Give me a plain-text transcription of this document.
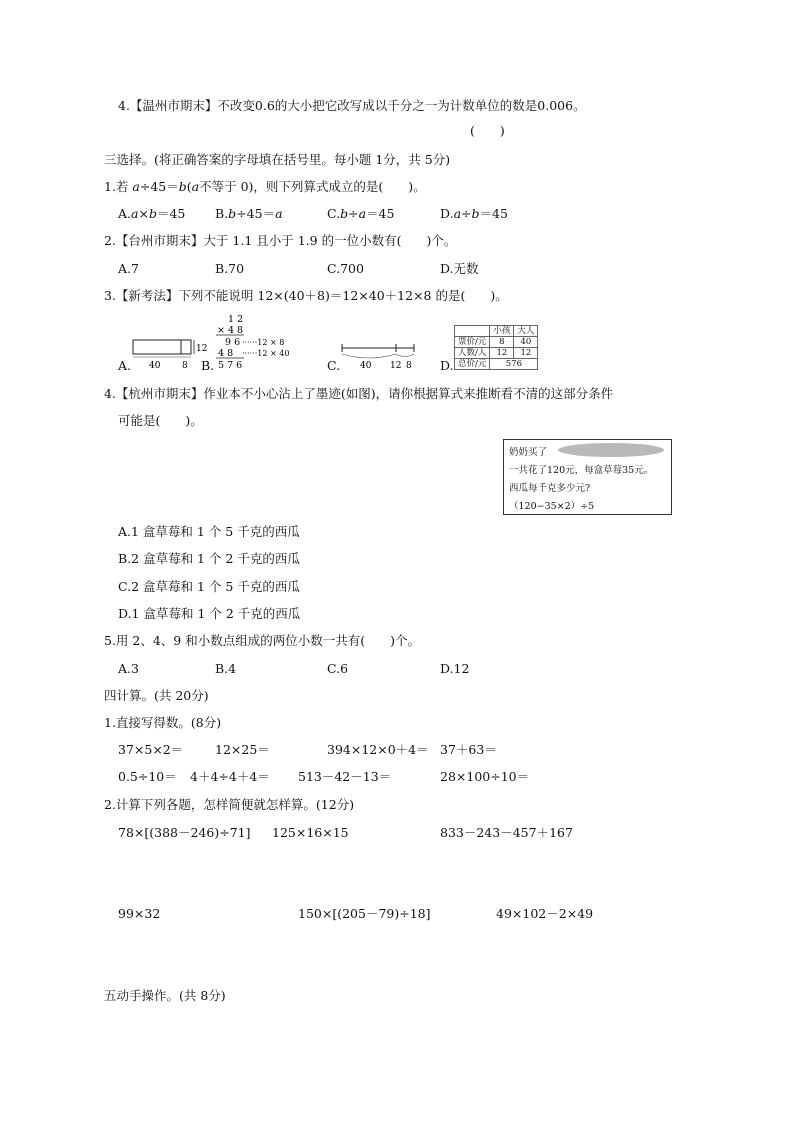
4.【温州市期末】不改变0.6的大小把它改写成以千分之一为计数单位的数是0.006。
(　　)
三选择。(将正确答案的字母填在括号里。每小题 1分，共 5分)
1.若 a÷45＝b(a不等于 0)，则下列算式成立的是(　　)。
A.a×b＝45 B.b÷45＝a	C.b÷a＝45	D.a÷b＝45
2.【台州市期末】大于 1.1 且小于 1.9 的一位小数有(　　)个。
A.7	B.70	C.700	D.无数
3.【新考法】下列不能说明 12×(40＋8)＝12×40＋12×8 的是(　　)。
A.
12
40 8 B.
1 2
× 4 8
9 6 ······12 × 8
4 8 ······12 × 40
5 7 6	C. 40 12 8 D.
	小孩	大人
票价/元	8	40
人数/人	12	12
总价/元	576	
4.【杭州市期末】作业本不小心沾上了墨迹(如图)，请你根据算式来推断看不清的这部分条件
可能是(　　)。
奶奶买了
一共花了120元，每盒草莓35元。
西瓜每千克多少元?
（120−35×2）÷5
A.1 盒草莓和 1 个 5 千克的西瓜
B.2 盒草莓和 1 个 2 千克的西瓜
C.2 盒草莓和 1 个 5 千克的西瓜
D.1 盒草莓和 1 个 2 千克的西瓜
5.用 2、4、9 和小数点组成的两位小数一共有(　　)个。
A.3	B.4	C.6	D.12
四计算。(共 20分)
1.直接写得数。(8分)
37×5×2＝	12×25＝	394×12×0＋4＝ 37＋63＝
0.5÷10＝ 4＋4÷4＋4＝ 513－42－13＝	28×100÷10＝
2.计算下列各题，怎样简便就怎样算。(12分)
78×[(388－246)÷71] 125×16×15	833－243－457＋167
99×32	150×[(205－79)÷18]	49×102－2×49
五动手操作。(共 8分)
